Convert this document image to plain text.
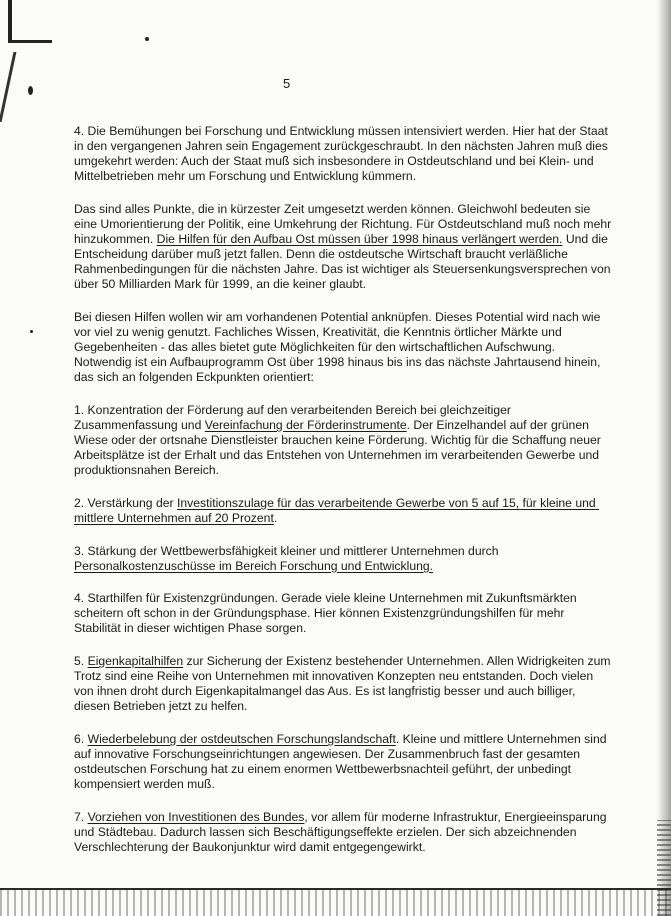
5

4. Die Bemühungen bei Forschung und Entwicklung müssen intensiviert werden. Hier hat der Staat in den vergangenen Jahren sein Engagement zurückgeschraubt. In den nächsten Jahren muß dies umgekehrt werden: Auch der Staat muß sich insbesondere in Ostdeutschland und bei Klein- und Mittelbetrieben mehr um Forschung und Entwicklung kümmern.

Das sind alles Punkte, die in kürzester Zeit umgesetzt werden können. Gleichwohl bedeuten sie eine Umorientierung der Politik, eine Umkehrung der Richtung. Für Ostdeutschland muß noch mehr hinzukommen. Die Hilfen für den Aufbau Ost müssen über 1998 hinaus verlängert werden. Und die Entscheidung darüber muß jetzt fallen. Denn die ostdeutsche Wirtschaft braucht verläßliche Rahmenbedingungen für die nächsten Jahre. Das ist wichtiger als Steuersenkungsversprechen von über 50 Milliarden Mark für 1999, an die keiner glaubt.

Bei diesen Hilfen wollen wir am vorhandenen Potential anknüpfen. Dieses Potential wird nach wie vor viel zu wenig genutzt. Fachliches Wissen, Kreativität, die Kenntnis örtlicher Märkte und Gegebenheiten - das alles bietet gute Möglichkeiten für den wirtschaftlichen Aufschwung. Notwendig ist ein Aufbauprogramm Ost über 1998 hinaus bis ins das nächste Jahrtausend hinein, das sich an folgenden Eckpunkten orientiert:

1. Konzentration der Förderung auf den verarbeitenden Bereich bei gleichzeitiger Zusammenfassung und Vereinfachung der Förderinstrumente. Der Einzelhandel auf der grünen Wiese oder der ortsnahe Dienstleister brauchen keine Förderung. Wichtig für die Schaffung neuer Arbeitsplätze ist der Erhalt und das Entstehen von Unternehmen im verarbeitenden Gewerbe und produktionsnahen Bereich.

2. Verstärkung der Investitionszulage für das verarbeitende Gewerbe von 5 auf 15, für kleine und mittlere Unternehmen auf 20 Prozent.

3. Stärkung der Wettbewerbsfähigkeit kleiner und mittlerer Unternehmen durch Personalkostenzuschüsse im Bereich Forschung und Entwicklung.

4. Starthilfen für Existenzgründungen. Gerade viele kleine Unternehmen mit Zukunftsmärkten scheitern oft schon in der Gründungsphase. Hier können Existenzgründungshilfen für mehr Stabilität in dieser wichtigen Phase sorgen.

5. Eigenkapitalhilfen zur Sicherung der Existenz bestehender Unternehmen. Allen Widrigkeiten zum Trotz sind eine Reihe von Unternehmen mit innovativen Konzepten neu entstanden. Doch vielen von ihnen droht durch Eigenkapitalmangel das Aus. Es ist langfristig besser und auch billiger, diesen Betrieben jetzt zu helfen.

6. Wiederbelebung der ostdeutschen Forschungslandschaft. Kleine und mittlere Unternehmen sind auf innovative Forschungseinrichtungen angewiesen. Der Zusammenbruch fast der gesamten ostdeutschen Forschung hat zu einem enormen Wettbewerbsnachteil geführt, der unbedingt kompensiert werden muß.

7. Vorziehen von Investitionen des Bundes, vor allem für moderne Infrastruktur, Energieeinsparung und Städtebau. Dadurch lassen sich Beschäftigungseffekte erzielen. Der sich abzeichnenden Verschlechterung der Baukonjunktur wird damit entgegengewirkt.
